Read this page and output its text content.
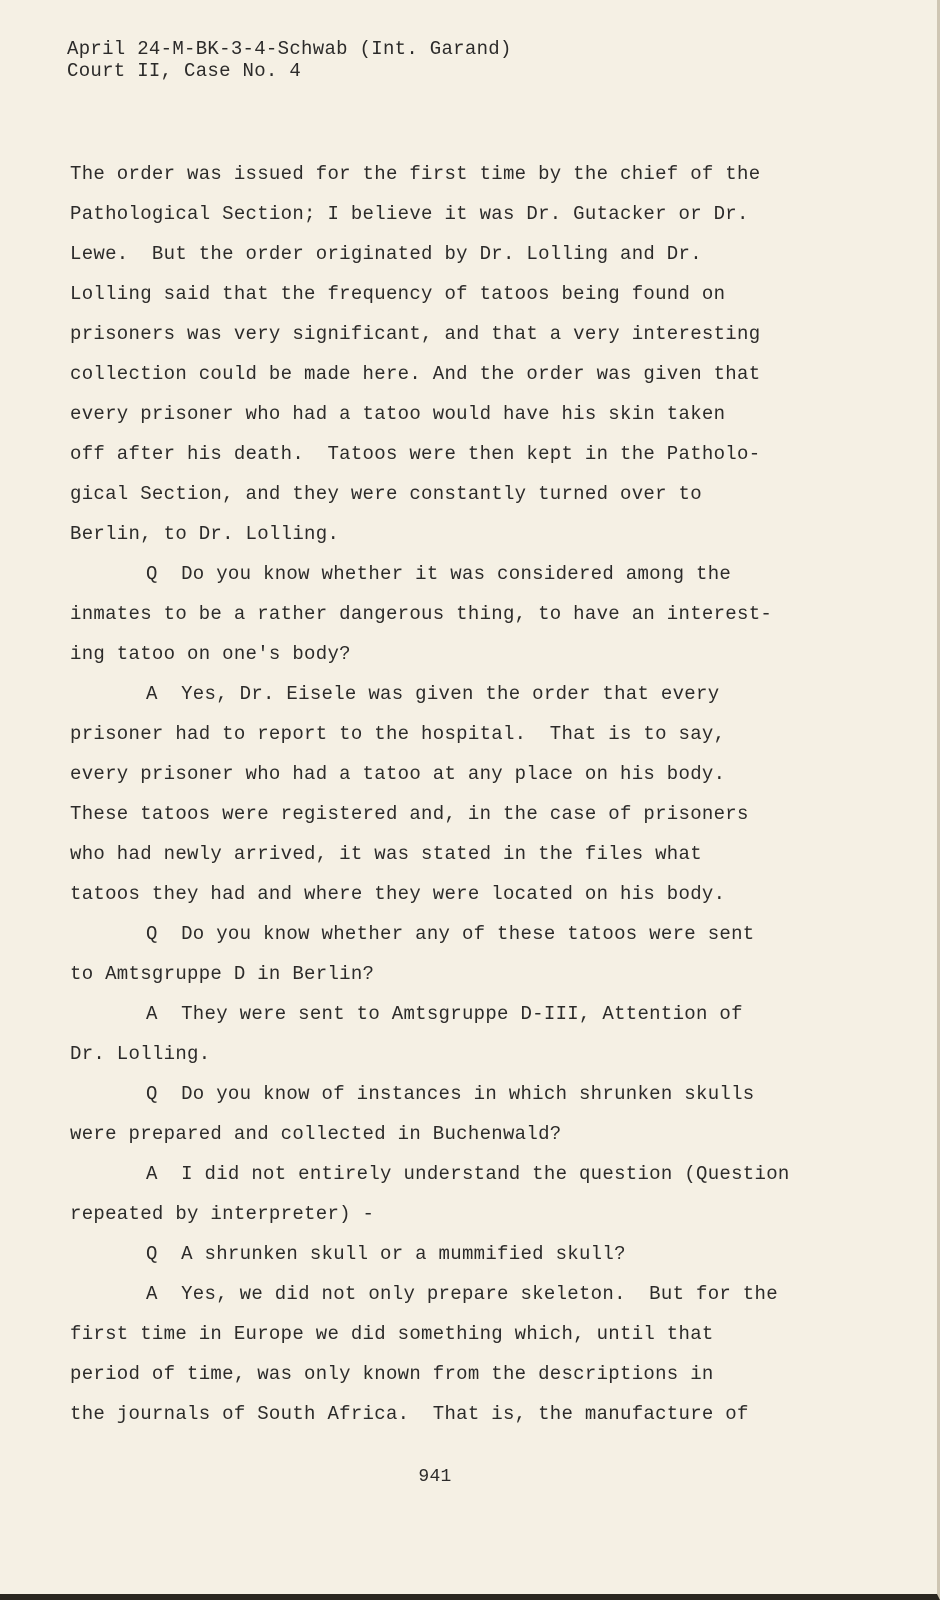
April 24-M-BK-3-4-Schwab (Int. Garand)
Court II, Case No. 4
The order was issued for the first time by the chief of the
Pathological Section; I believe it was Dr. Gutacker or Dr.
Lewe.  But the order originated by Dr. Lolling and Dr.
Lolling said that the frequency of tatoos being found on
prisoners was very significant, and that a very interesting
collection could be made here. And the order was given that
every prisoner who had a tatoo would have his skin taken
off after his death.  Tatoos were then kept in the Patholo-
gical Section, and they were constantly turned over to
Berlin, to Dr. Lolling.
Q  Do you know whether it was considered among the
inmates to be a rather dangerous thing, to have an interest-
ing tatoo on one's body?
A  Yes, Dr. Eisele was given the order that every
prisoner had to report to the hospital.  That is to say,
every prisoner who had a tatoo at any place on his body.
These tatoos were registered and, in the case of prisoners
who had newly arrived, it was stated in the files what
tatoos they had and where they were located on his body.
Q  Do you know whether any of these tatoos were sent
to Amtsgruppe D in Berlin?
A  They were sent to Amtsgruppe D-III, Attention of
Dr. Lolling.
Q  Do you know of instances in which shrunken skulls
were prepared and collected in Buchenwald?
A  I did not entirely understand the question (Question
repeated by interpreter) -
Q  A shrunken skull or a mummified skull?
A  Yes, we did not only prepare skeleton.  But for the
first time in Europe we did something which, until that
period of time, was only known from the descriptions in
the journals of South Africa.  That is, the manufacture of
941
